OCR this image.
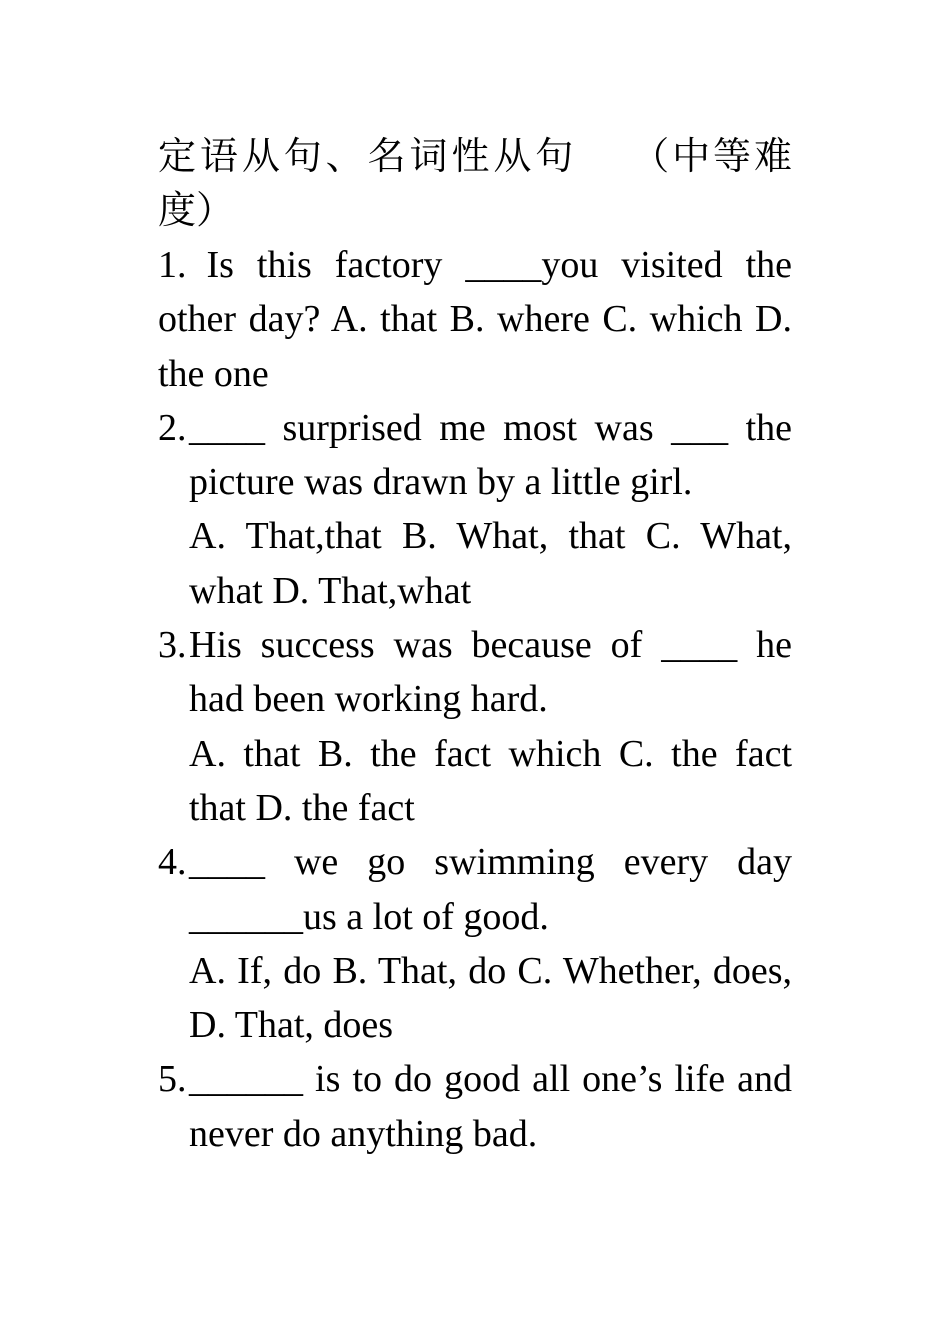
定语从句、名词性从句 （中等难度）

1. Is this factory ____you visited the other day? A. that B. where C. which D. the one

2. ____ surprised me most was ___ the picture was drawn by a little girl.

A. That,that B. What, that C. What, what D. That,what

3. His success was because of ____ he had been working hard.

A. that B. the fact which C. the fact that D. the fact

4. ____ we go swimming every day ______us a lot of good.

A. If, do B. That, do C. Whether, does, D. That, does

5. ______ is to do good all one’s life and never do anything bad.
